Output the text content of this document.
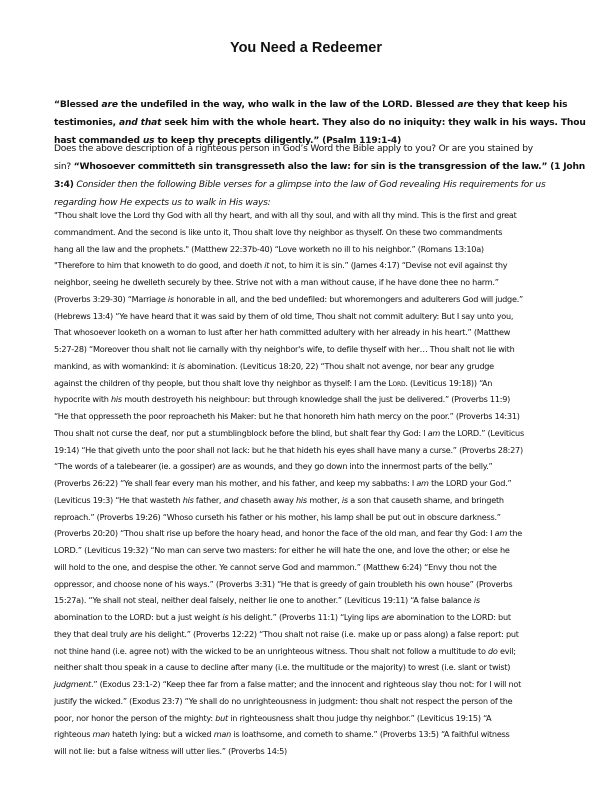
You Need a Redeemer
“Blessed are the undefiled in the way, who walk in the law of the LORD. Blessed are they that keep his
testimonies, and that seek him with the whole heart. They also do no iniquity: they walk in his ways. Thou
hast commanded us to keep thy precepts diligently.” (Psalm 119:1-4)
Does the above description of a righteous person in God’s Word the Bible apply to you? Or are you stained by
sin? “Whosoever committeth sin transgresseth also the law: for sin is the transgression of the law.” (1 John
3:4) Consider then the following Bible verses for a glimpse into the law of God revealing His requirements for us
regarding how He expects us to walk in His ways:
"Thou shalt love the Lord thy God with all thy heart, and with all thy soul, and with all thy mind. This is the first and great
commandment. And the second is like unto it, Thou shalt love thy neighbor as thyself. On these two commandments
hang all the law and the prophets." (Matthew 22:37b-40) “Love worketh no ill to his neighbor.” (Romans 13:10a)
"Therefore to him that knoweth to do good, and doeth it not, to him it is sin.” (James 4:17) “Devise not evil against thy
neighbor, seeing he dwelleth securely by thee. Strive not with a man without cause, if he have done thee no harm.”
(Proverbs 3:29-30) “Marriage is honorable in all, and the bed undefiled: but whoremongers and adulterers God will judge.”
(Hebrews 13:4) “Ye have heard that it was said by them of old time, Thou shalt not commit adultery: But I say unto you,
That whosoever looketh on a woman to lust after her hath committed adultery with her already in his heart.” (Matthew
5:27-28) “Moreover thou shalt not lie carnally with thy neighbor's wife, to defile thyself with her… Thou shalt not lie with
mankind, as with womankind: it is abomination. (Leviticus 18:20, 22) “Thou shalt not avenge, nor bear any grudge
against the children of thy people, but thou shalt love thy neighbor as thyself: I am the Lord. (Leviticus 19:18)) “An
hypocrite with his mouth destroyeth his neighbour: but through knowledge shall the just be delivered.” (Proverbs 11:9)
“He that oppresseth the poor reproacheth his Maker: but he that honoreth him hath mercy on the poor.” (Proverbs 14:31)
Thou shalt not curse the deaf, nor put a stumblingblock before the blind, but shalt fear thy God: I am the LORD.” (Leviticus
19:14) “He that giveth unto the poor shall not lack: but he that hideth his eyes shall have many a curse.” (Proverbs 28:27)
“The words of a talebearer (ie. a gossiper) are as wounds, and they go down into the innermost parts of the belly.”
(Proverbs 26:22) “Ye shall fear every man his mother, and his father, and keep my sabbaths: I am the LORD your God.”
(Leviticus 19:3) “He that wasteth his father, and chaseth away his mother, is a son that causeth shame, and bringeth
reproach.” (Proverbs 19:26) “Whoso curseth his father or his mother, his lamp shall be put out in obscure darkness.”
(Proverbs 20:20) “Thou shalt rise up before the hoary head, and honor the face of the old man, and fear thy God: I am the
LORD.” (Leviticus 19:32) “No man can serve two masters: for either he will hate the one, and love the other; or else he
will hold to the one, and despise the other. Ye cannot serve God and mammon.” (Matthew 6:24) “Envy thou not the
oppressor, and choose none of his ways.” (Proverbs 3:31) “He that is greedy of gain troubleth his own house” (Proverbs
15:27a). “Ye shall not steal, neither deal falsely, neither lie one to another.” (Leviticus 19:11) “A false balance is
abomination to the LORD: but a just weight is his delight.” (Proverbs 11:1) “Lying lips are abomination to the LORD: but
they that deal truly are his delight.” (Proverbs 12:22) “Thou shalt not raise (i.e. make up or pass along) a false report: put
not thine hand (i.e. agree not) with the wicked to be an unrighteous witness. Thou shalt not follow a multitude to do evil;
neither shalt thou speak in a cause to decline after many (i.e. the multitude or the majority) to wrest (i.e. slant or twist)
judgment.” (Exodus 23:1-2) “Keep thee far from a false matter; and the innocent and righteous slay thou not: for I will not
justify the wicked.” (Exodus 23:7) “Ye shall do no unrighteousness in judgment: thou shalt not respect the person of the
poor, nor honor the person of the mighty: but in righteousness shalt thou judge thy neighbor.” (Leviticus 19:15) “A
righteous man hateth lying: but a wicked man is loathsome, and cometh to shame.” (Proverbs 13:5) “A faithful witness
will not lie: but a false witness will utter lies.” (Proverbs 14:5)
